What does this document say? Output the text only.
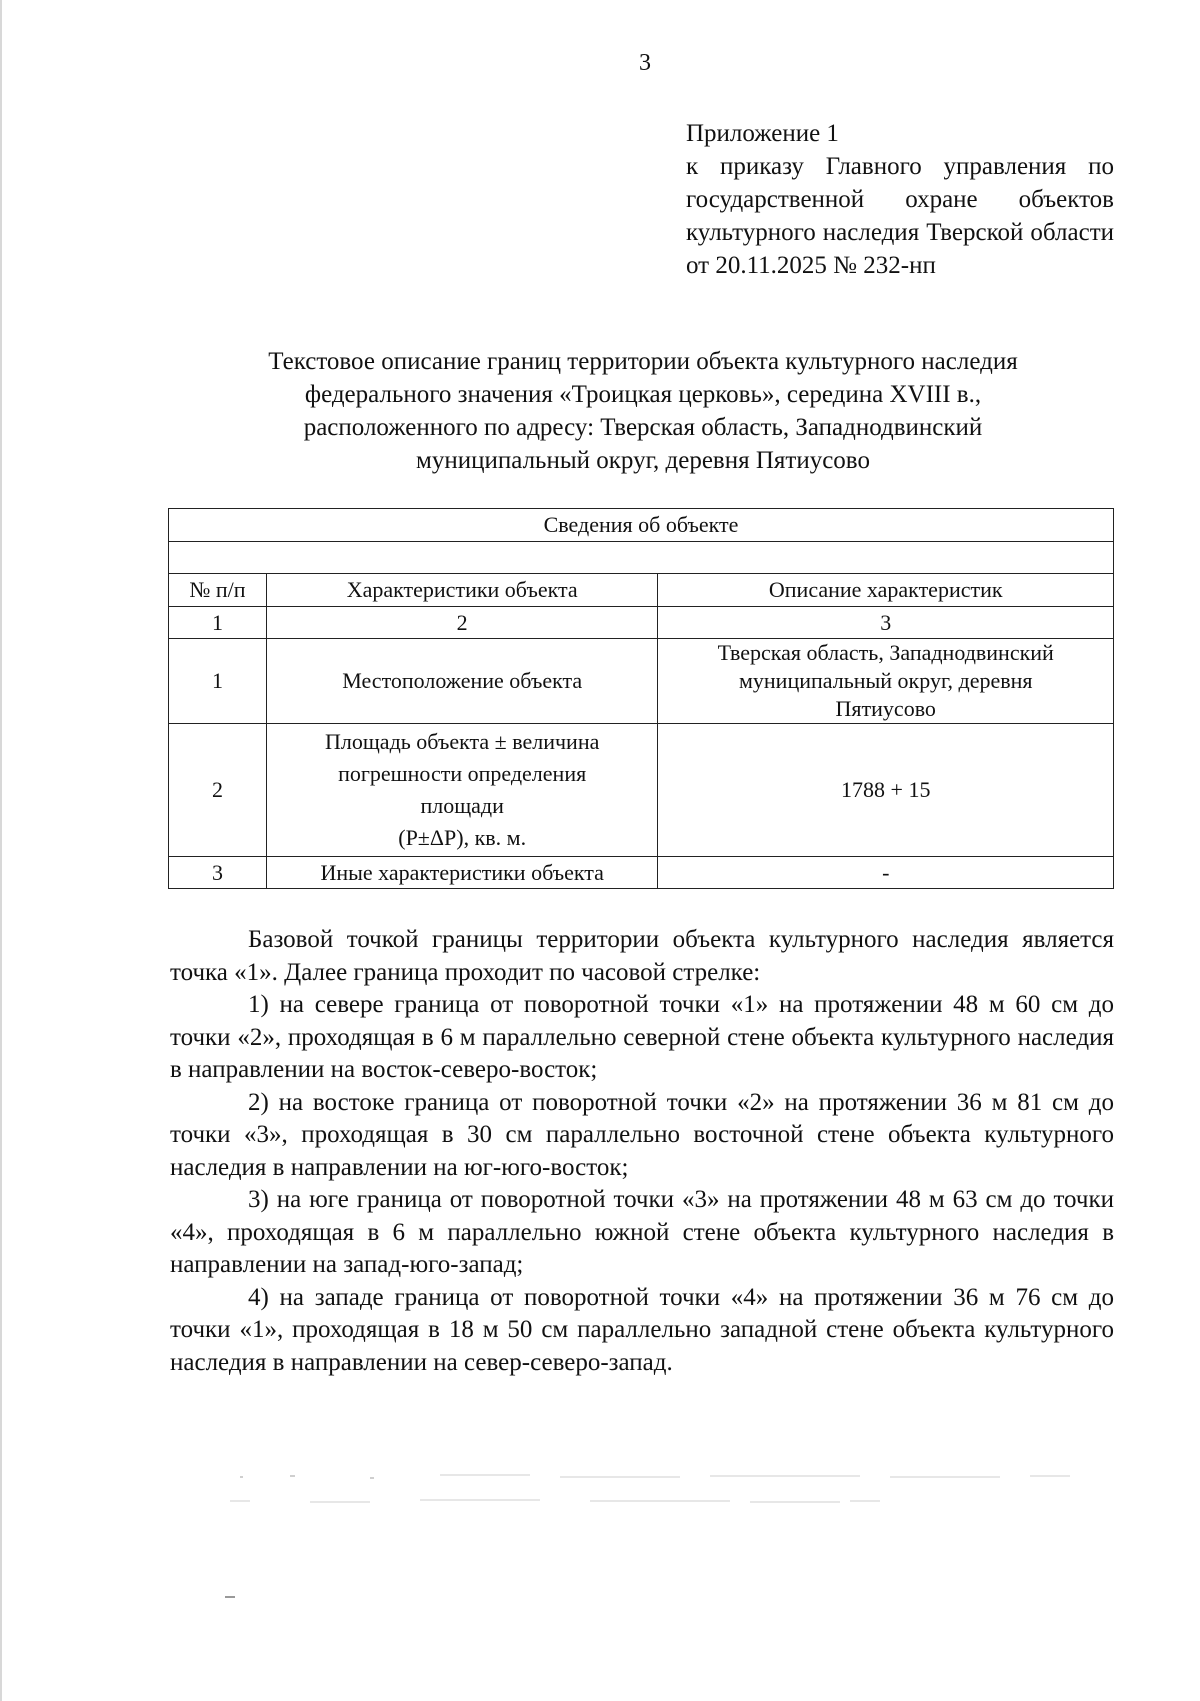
3
Приложение 1
к приказу Главного управления по государственной охране объектов культурного наследия Тверской области от 20.11.2025 № 232-нп
Текстовое описание границ территории объекта культурного наследия
федерального значения «Троицкая церковь», середина XVIII в.,
расположенного по адресу: Тверская область, Западнодвинский
муниципальный округ, деревня Пятиусово
Сведения об объекте		

№ п/п	Характеристики объекта	Описание характеристик
1	2	3
1	Местоположение объекта	Тверская область, Западнодвинский
муниципальный округ, деревня
Пятиусово

2	Площадь объекта ± величина
погрешности определения
площади
(P±ΔP), кв. м.	1788 + 15
3	Иные характеристики объекта	-

Базовой точкой границы территории объекта культурного наследия является точка «1». Далее граница проходит по часовой стрелке:

1) на севере граница от поворотной точки «1» на протяжении 48 м 60 см до точки «2», проходящая в 6 м параллельно северной стене объекта культурного наследия в направлении на восток-северо-восток;

2) на востоке граница от поворотной точки «2» на протяжении 36 м 81 см до точки «3», проходящая в 30 см параллельно восточной стене объекта культурного наследия в направлении на юг-юго-восток;

3) на юге граница от поворотной точки «3» на протяжении 48 м 63 см до точки «4», проходящая в 6 м параллельно южной стене объекта культурного наследия в направлении на запад-юго-запад;

4) на западе граница от поворотной точки «4» на протяжении 36 м 76 см до точки «1», проходящая в 18 м 50 см параллельно западной стене объекта культурного наследия в направлении на север-северо-запад.
